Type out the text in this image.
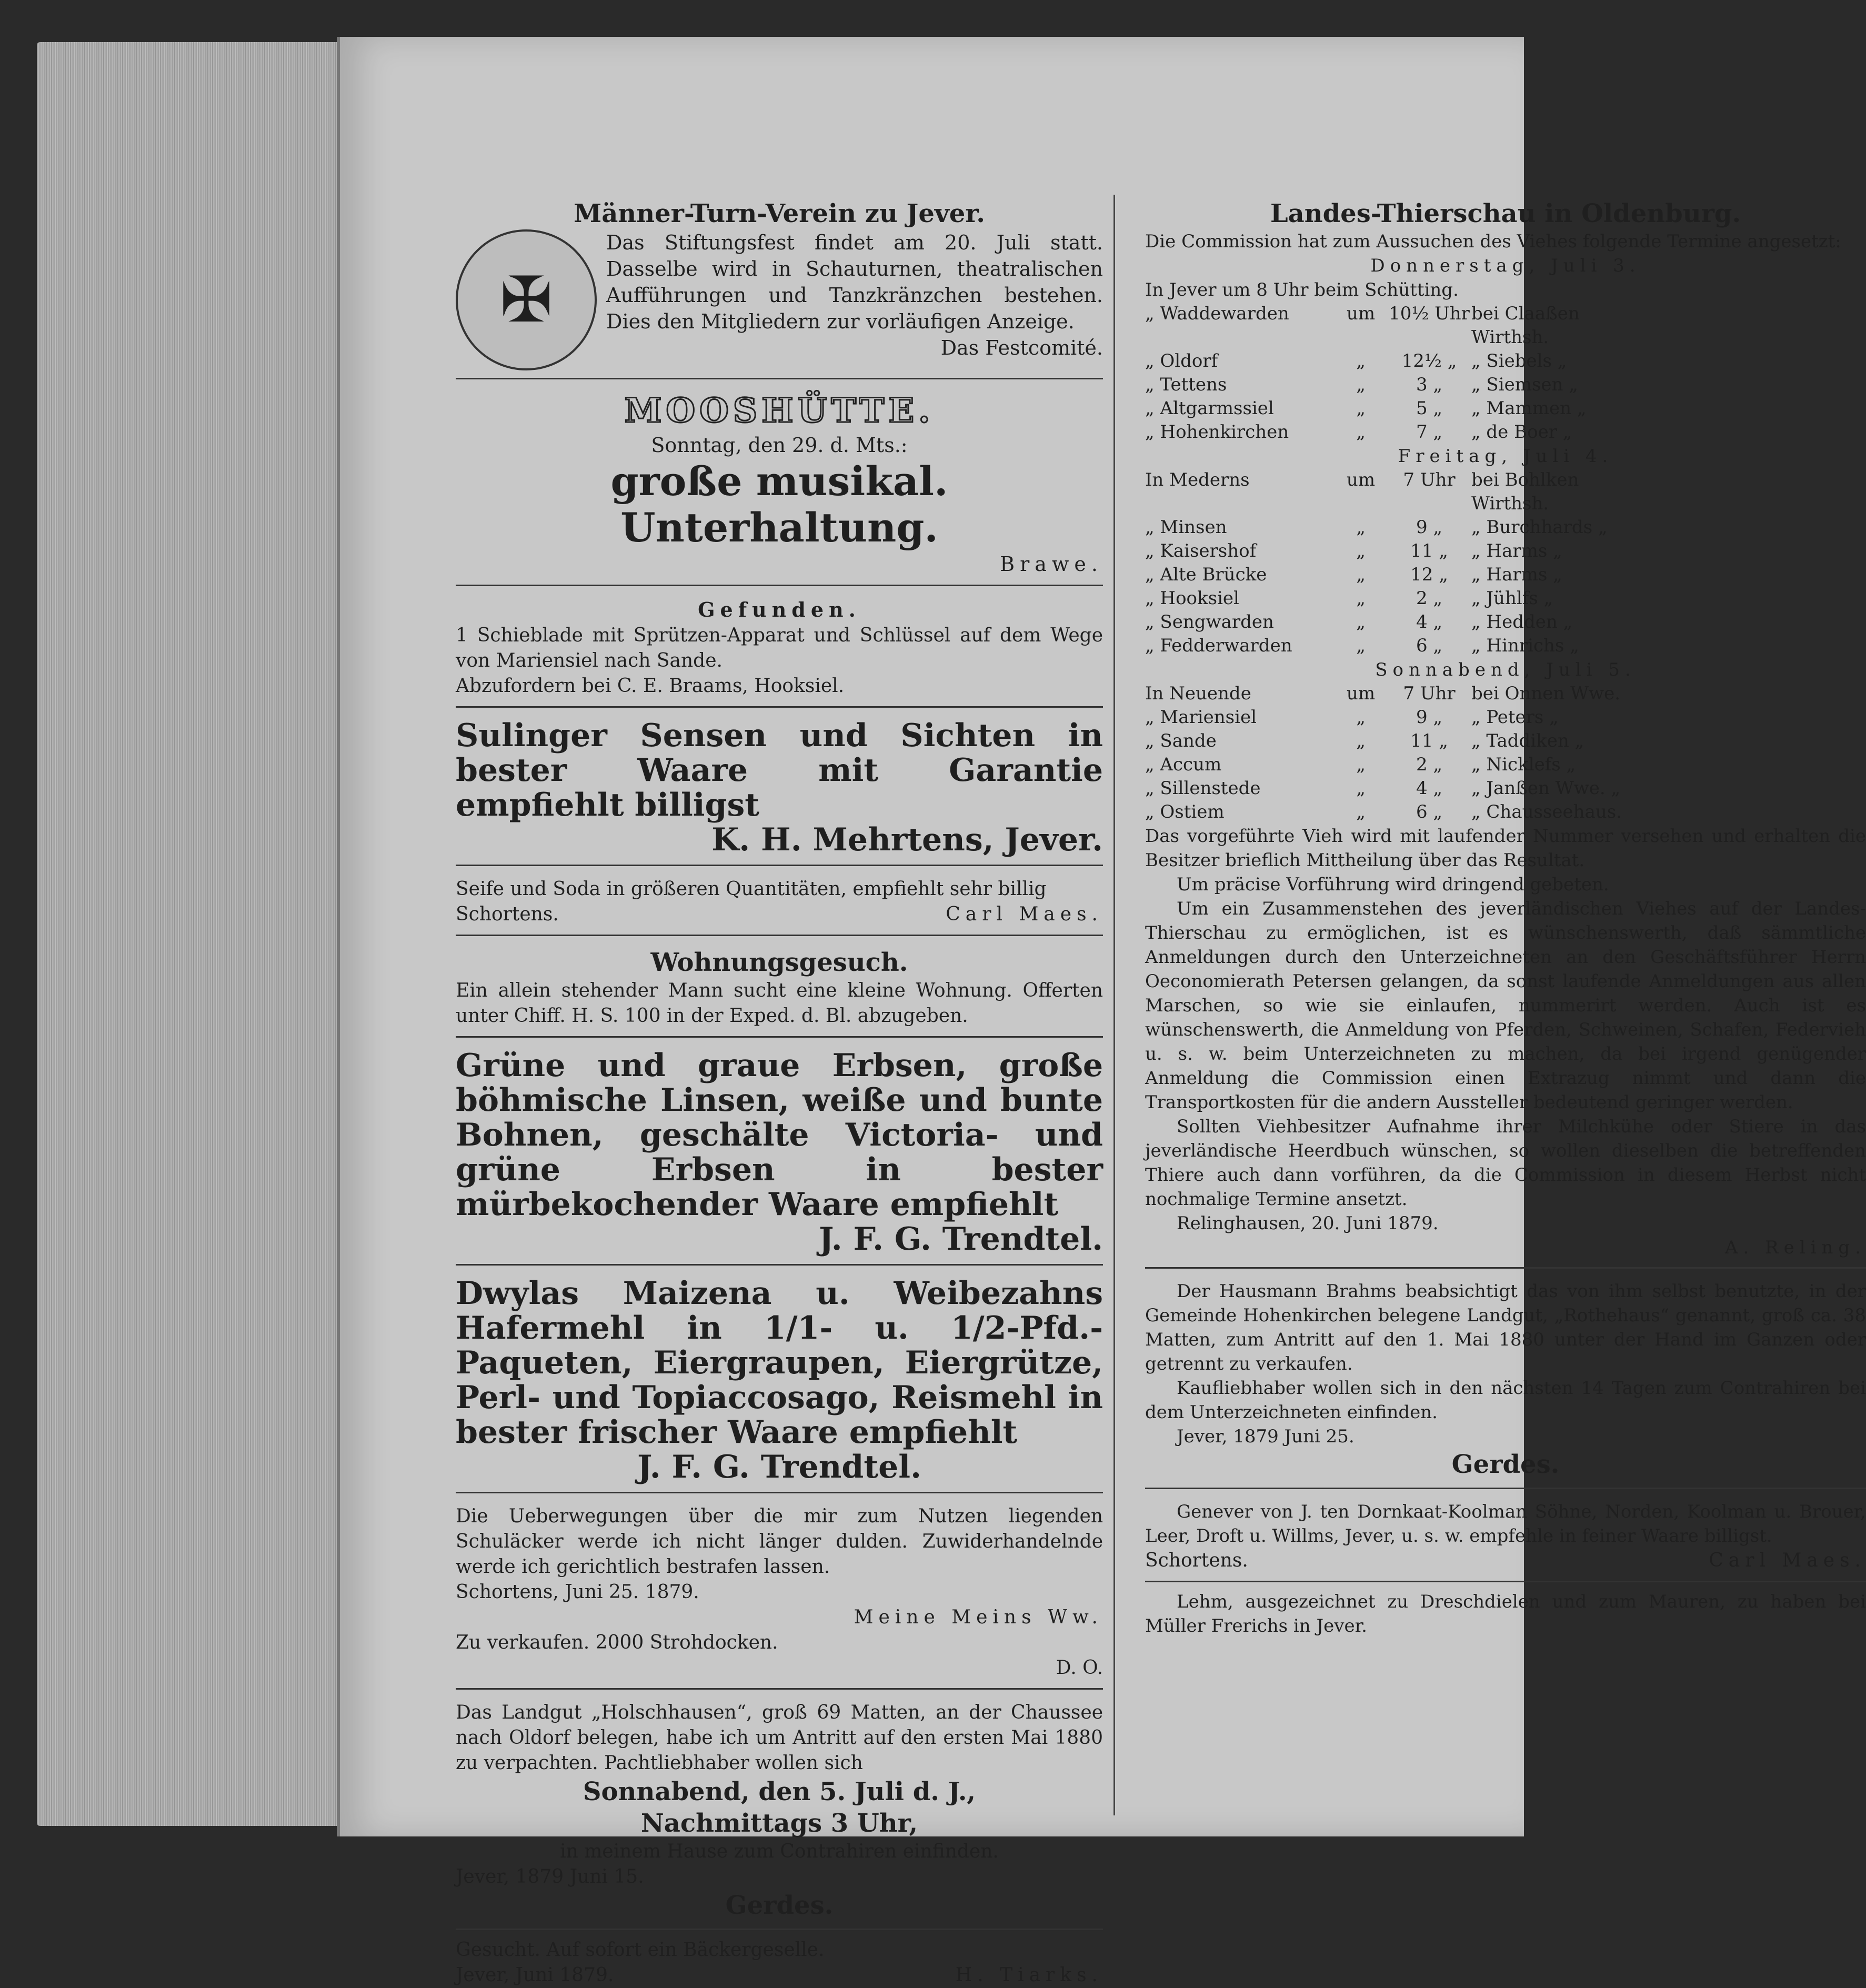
Männer-Turn-Verein zu Jever.

✠

Das Stiftungsfest findet am 20. Juli statt. Dasselbe wird in Schauturnen, theatralischen Aufführungen und Tanzkränzchen bestehen. Dies den Mitgliedern zur vorläufigen Anzeige.

Das Festcomité.

MOOSHÜTTE.

Sonntag, den 29. d. Mts.:

große musikal. Unterhaltung.

Brawe.

Gefunden.

1 Schieblade mit Sprützen-Apparat und Schlüssel auf dem Wege von Mariensiel nach Sande.

Abzufordern bei C. E. Braams, Hooksiel.

Sulinger Sensen und Sichten in bester Waare mit Garantie empfiehlt billigst

K. H. Mehrtens, Jever.

Seife und Soda in größeren Quantitäten, empfiehlt sehr billig

Schortens.	Carl Maes.

Wohnungsgesuch.

Ein allein stehender Mann sucht eine kleine Wohnung. Offerten unter Chiff. H. S. 100 in der Exped. d. Bl. abzugeben.

Grüne und graue Erbsen, große böhmische Linsen, weiße und bunte Bohnen, geschälte Victoria- und grüne Erbsen in bester mürbekochender Waare empfiehlt

J. F. G. Trendtel.

Dwylas Maizena u. Weibezahns Hafermehl in 1/1- u. 1/2-Pfd.-Paqueten, Eiergraupen, Eiergrütze, Perl- und Topiaccosago, Reismehl in bester frischer Waare empfiehlt

J. F. G. Trendtel.

Die Ueberwegungen über die mir zum Nutzen liegenden Schuläcker werde ich nicht länger dulden. Zuwiderhandelnde werde ich gerichtlich bestrafen lassen.

Schortens, Juni 25. 1879.

Meine Meins Ww.

Zu verkaufen. 2000 Strohdocken.

D. O.

Das Landgut „Holschhausen“, groß 69 Matten, an der Chaussee nach Oldorf belegen, habe ich um Antritt auf den ersten Mai 1880 zu verpachten. Pachtliebhaber wollen sich

Sonnabend, den 5. Juli d. J.,

Nachmittags 3 Uhr,

in meinem Hause zum Contrahiren einfinden.

Jever, 1879 Juni 15.

Gerdes.

Gesucht. Auf sofort ein Bäckergeselle.

Jever, Juni 1879.	H. Tiarks.

Landes-Thierschau in Oldenburg.

Die Commission hat zum Aussuchen des Viehes folgende Termine angesetzt:

Donnerstag, Juli 3.

In Jever um 8 Uhr beim Schütting.

„ Waddewarden	um 10½ Uhr bei Claaßen Wirthsh.
„ Oldorf	„	12½ „ „ Siebels „
„ Tettens	„	3 „	„ Siemsen „
„ Altgarmssiel	„	5 „	„ Mammen „
„ Hohenkirchen	„	7 „	„ de Boer „

Freitag, Juli 4.

In Mederns	um	7 Uhr bei Bohlken Wirthsh.
„ Minsen	„	9 „	„ Burchhards „
„ Kaisershof	„	11 „	„ Harms „
„ Alte Brücke	„	12 „	„ Harms „
„ Hooksiel	„	2 „	„ Jühlfs „
„ Sengwarden	„	4 „	„ Hedden „
„ Fedderwarden	„	6 „	„ Hinrichs „

Sonnabend, Juli 5.

In Neuende	um	7 Uhr bei Onnen Wwe.
„ Mariensiel	„	9 „	„ Peters „
„ Sande	„	11 „	„ Taddiken „
„ Accum	„	2 „	„ Nicklefs „
„ Sillenstede	„	4 „	„ Janßen Wwe. „
„ Ostiem	„	6 „	„ Chausseehaus.

Das vorgeführte Vieh wird mit laufender Nummer versehen und erhalten die Besitzer brieflich Mittheilung über das Resultat.

Um präcise Vorführung wird dringend gebeten.

Um ein Zusammenstehen des jeverländischen Viehes auf der Landes-Thierschau zu ermöglichen, ist es wünschenswerth, daß sämmtliche Anmeldungen durch den Unterzeichneten an den Geschäftsführer Herrn Oeconomierath Petersen gelangen, da sonst laufende Anmeldungen aus allen Marschen, so wie sie einlaufen, nummerirt werden. Auch ist es wünschenswerth, die Anmeldung von Pferden, Schweinen, Schafen, Federvieh u. s. w. beim Unterzeichneten zu machen, da bei irgend genügender Anmeldung die Commission einen Extrazug nimmt und dann die Transportkosten für die andern Aussteller bedeutend geringer werden.

Sollten Viehbesitzer Aufnahme ihrer Milchkühe oder Stiere in das jeverländische Heerdbuch wünschen, so wollen dieselben die betreffenden Thiere auch dann vorführen, da die Commission in diesem Herbst nicht nochmalige Termine ansetzt.

Relinghausen, 20. Juni 1879.

A. Reling.

Der Hausmann Brahms beabsichtigt das von ihm selbst benutzte, in der Gemeinde Hohenkirchen belegene Landgut, „Rothehaus“ genannt, groß ca. 38 Matten, zum Antritt auf den 1. Mai 1880 unter der Hand im Ganzen oder getrennt zu verkaufen.

Kaufliebhaber wollen sich in den nächsten 14 Tagen zum Contrahiren bei dem Unterzeichneten einfinden.

Jever, 1879 Juni 25.

Gerdes.

Genever von J. ten Dornkaat-Koolman Söhne, Norden, Koolman u. Brouer, Leer, Droft u. Willms, Jever, u. s. w. empfehle in feiner Waare billigst.

Schortens.	Carl Maes.

Lehm, ausgezeichnet zu Dreschdielen und zum Mauren, zu haben bei Müller Frerichs in Jever.
